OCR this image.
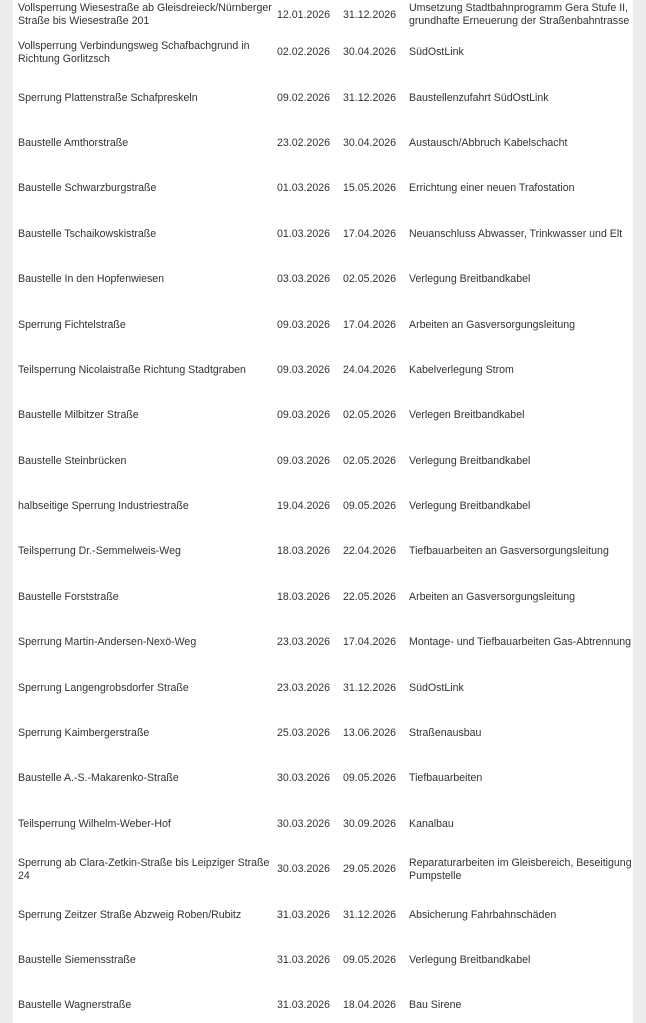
Vollsperrung Wiesestraße ab Gleisdreieck/Nürnberger Straße bis Wiesestraße 201	12.01.2026	31.12.2026	Umsetzung Stadtbahnprogramm Gera Stufe II, grundhafte Erneuerung der Straßenbahntrasse
Vollsperrung Verbindungsweg Schafbachgrund in Richtung Gorlitzsch	02.02.2026	30.04.2026	SüdOstLink
Sperrung Plattenstraße Schafpreskeln	09.02.2026	31.12.2026	Baustellenzufahrt SüdOstLink
Baustelle Amthorstraße	23.02.2026	30.04.2026	Austausch/Abbruch Kabelschacht
Baustelle Schwarzburgstraße	01.03.2026	15.05.2026	Errichtung einer neuen Trafostation
Baustelle Tschaikowskistraße	01.03.2026	17.04.2026	Neuanschluss Abwasser, Trinkwasser und Elt
Baustelle In den Hopfenwiesen	03.03.2026	02.05.2026	Verlegung Breitbandkabel
Sperrung Fichtelstraße	09.03.2026	17.04.2026	Arbeiten an Gasversorgungsleitung
Teilsperrung Nicolaistraße Richtung Stadtgraben	09.03.2026	24.04.2026	Kabelverlegung Strom
Baustelle Milbitzer Straße	09.03.2026	02.05.2026	Verlegen Breitbandkabel
Baustelle Steinbrücken	09.03.2026	02.05.2026	Verlegung Breitbandkabel
halbseitige Sperrung Industriestraße	19.04.2026	09.05.2026	Verlegung Breitbandkabel
Teilsperrung Dr.-Semmelweis-Weg	18.03.2026	22.04.2026	Tiefbauarbeiten an Gasversorgungsleitung
Baustelle Forststraße	18.03.2026	22.05.2026	Arbeiten an Gasversorgungsleitung
Sperrung Martin-Andersen-Nexö-Weg	23.03.2026	17.04.2026	Montage- und Tiefbauarbeiten Gas-Abtrennung
Sperrung Langengrobsdorfer Straße	23.03.2026	31.12.2026	SüdOstLink
Sperrung Kaimbergerstraße	25.03.2026	13.06.2026	Straßenausbau
Baustelle A.-S.-Makarenko-Straße	30.03.2026	09.05.2026	Tiefbauarbeiten
Teilsperrung Wilhelm-Weber-Hof	30.03.2026	30.09.2026	Kanalbau
Sperrung ab Clara-Zetkin-Straße bis Leipziger Straße 24	30.03.2026	29.05.2026	Reparaturarbeiten im Gleisbereich, Beseitigung Pumpstelle
Sperrung Zeitzer Straße Abzweig Roben/Rubitz	31.03.2026	31.12.2026	Absicherung Fahrbahnschäden
Baustelle Siemensstraße	31.03.2026	09.05.2026	Verlegung Breitbandkabel
Baustelle Wagnerstraße	31.03.2026	18.04.2026	Bau Sirene
